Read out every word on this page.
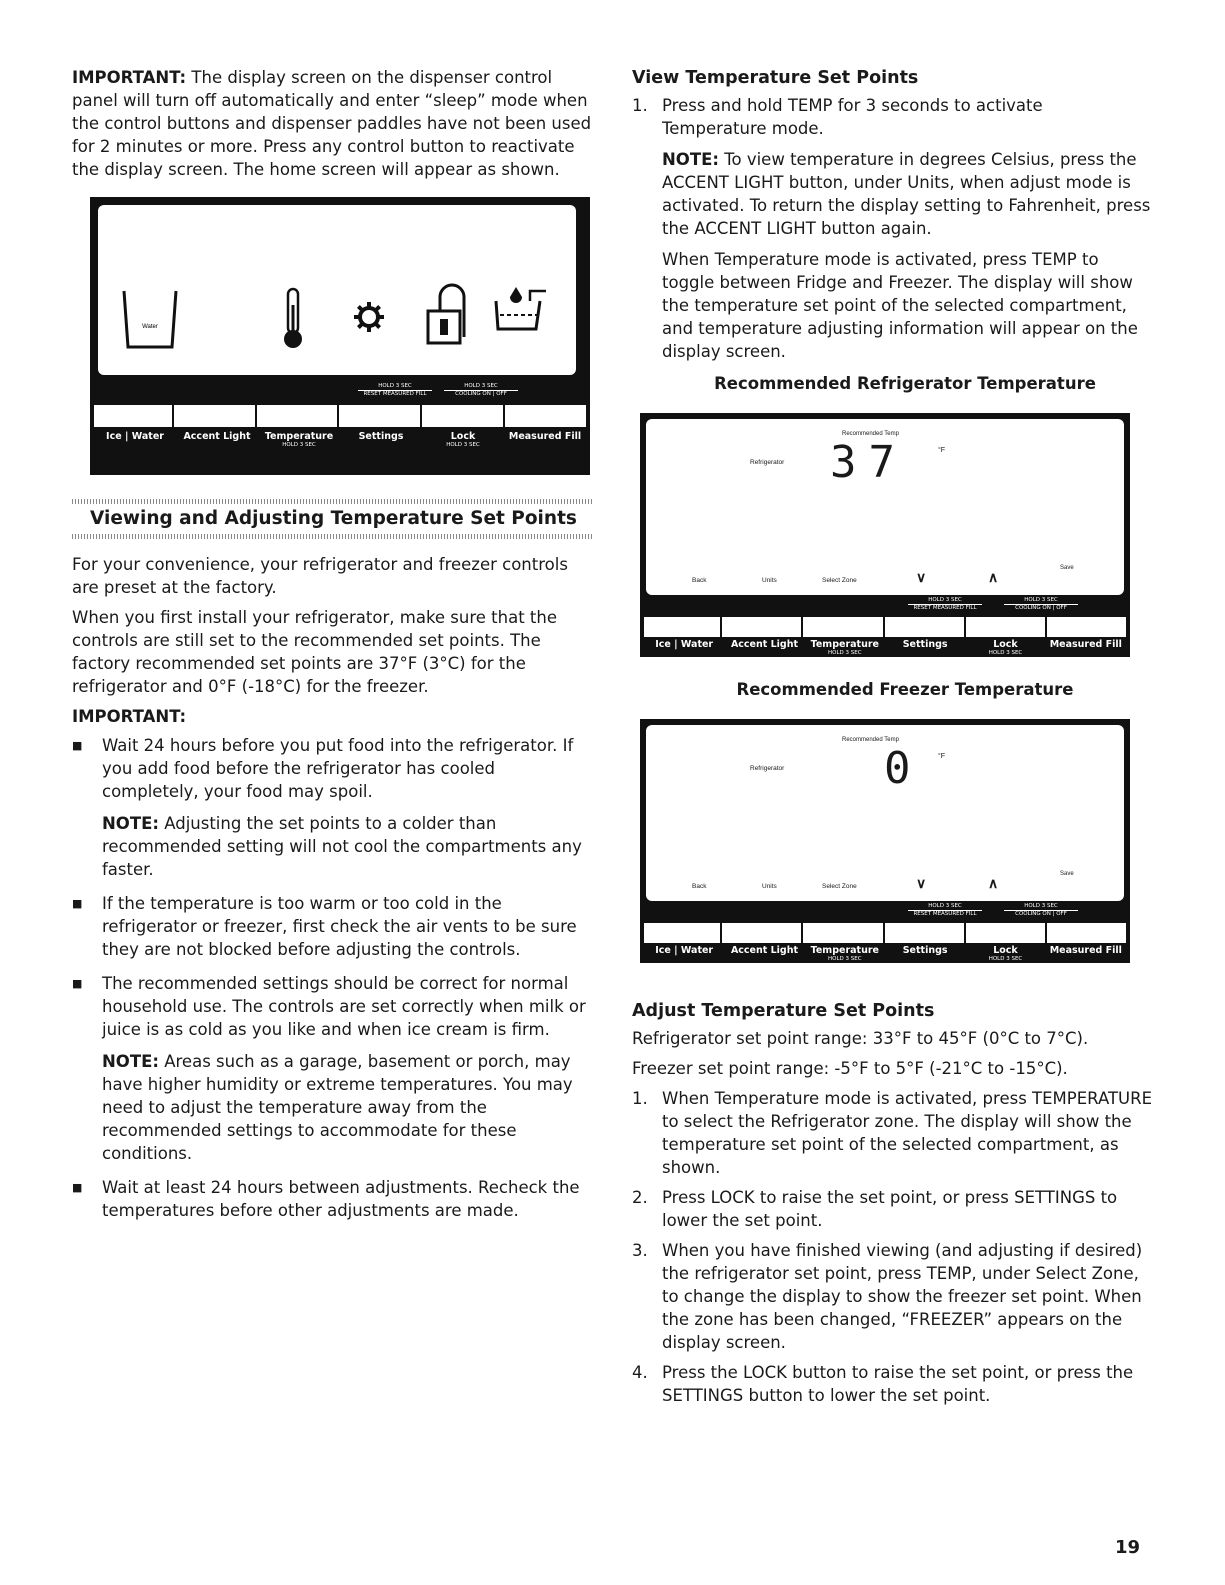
IMPORTANT: The display screen on the dispenser control panel will turn off automatically and enter “sleep” mode when the control buttons and dispenser paddles have not been used for 2 minutes or more. Press any control button to reactivate the display screen. The home screen will appear as shown.

Water
HOLD 3 SEC
RESET MEASURED FILL
HOLD 3 SEC
COOLING ON | OFF
Ice | Water	Accent Light	Temperature
HOLD 3 SEC
Settings	Lock
HOLD 3 SEC
Measured Fill
Viewing and Adjusting Temperature Set Points

For your convenience, your refrigerator and freezer controls are preset at the factory.

When you first install your refrigerator, make sure that the controls are still set to the recommended set points. The factory recommended set points are 37°F (3°C) for the refrigerator and 0°F (-18°C) for the freezer.

IMPORTANT:

■ Wait 24 hours before you put food into the refrigerator. If you add food before the refrigerator has cooled completely, your food may spoil.

NOTE: Adjusting the set points to a colder than recommended setting will not cool the compartments any faster.

■ If the temperature is too warm or too cold in the refrigerator or freezer, first check the air vents to be sure they are not blocked before adjusting the controls.
■ The recommended settings should be correct for normal household use. The controls are set correctly when milk or juice is as cold as you like and when ice cream is firm.

NOTE: Areas such as a garage, basement or porch, may have higher humidity or extreme temperatures. You may need to adjust the temperature away from the recommended settings to accommodate for these conditions.

■ Wait at least 24 hours between adjustments. Recheck the temperatures before other adjustments are made.
View Temperature Set Points
1. Press and hold TEMP for 3 seconds to activate Temperature mode.

NOTE: To view temperature in degrees Celsius, press the ACCENT LIGHT button, under Units, when adjust mode is activated. To return the display setting to Fahrenheit, press the ACCENT LIGHT button again.

When Temperature mode is activated, press TEMP to toggle between Fridge and Freezer. The display will show the temperature set point of the selected compartment, and temperature adjusting information will appear on the display screen.

Recommended Refrigerator Temperature
Recommended Temp
Refrigerator 37	°F
Save
Back	Units	Select Zone	∨	∧
HOLD 3 SEC
RESET MEASURED FILL
HOLD 3 SEC
COOLING ON | OFF
Ice | Water	Accent Light	Temperature
HOLD 3 SEC
Settings	Lock
HOLD 3 SEC
Measured Fill
Recommended Freezer Temperature
Recommended Temp
Refrigerator 0	°F
Save
Back	Units	Select Zone	∨	∧
HOLD 3 SEC
RESET MEASURED FILL
HOLD 3 SEC
COOLING ON | OFF
Ice | Water	Accent Light	Temperature
HOLD 3 SEC
Settings	Lock
HOLD 3 SEC
Measured Fill
Adjust Temperature Set Points

Refrigerator set point range: 33°F to 45°F (0°C to 7°C).

Freezer set point range: -5°F to 5°F (-21°C to -15°C).

1. When Temperature mode is activated, press TEMPERATURE to select the Refrigerator zone. The display will show the temperature set point of the selected compartment, as shown.
2. Press LOCK to raise the set point, or press SETTINGS to lower the set point.
3. When you have finished viewing (and adjusting if desired) the refrigerator set point, press TEMP, under Select Zone, to change the display to show the freezer set point. When the zone has been changed, “FREEZER” appears on the display screen.
4. Press the LOCK button to raise the set point, or press the SETTINGS button to lower the set point.
19
